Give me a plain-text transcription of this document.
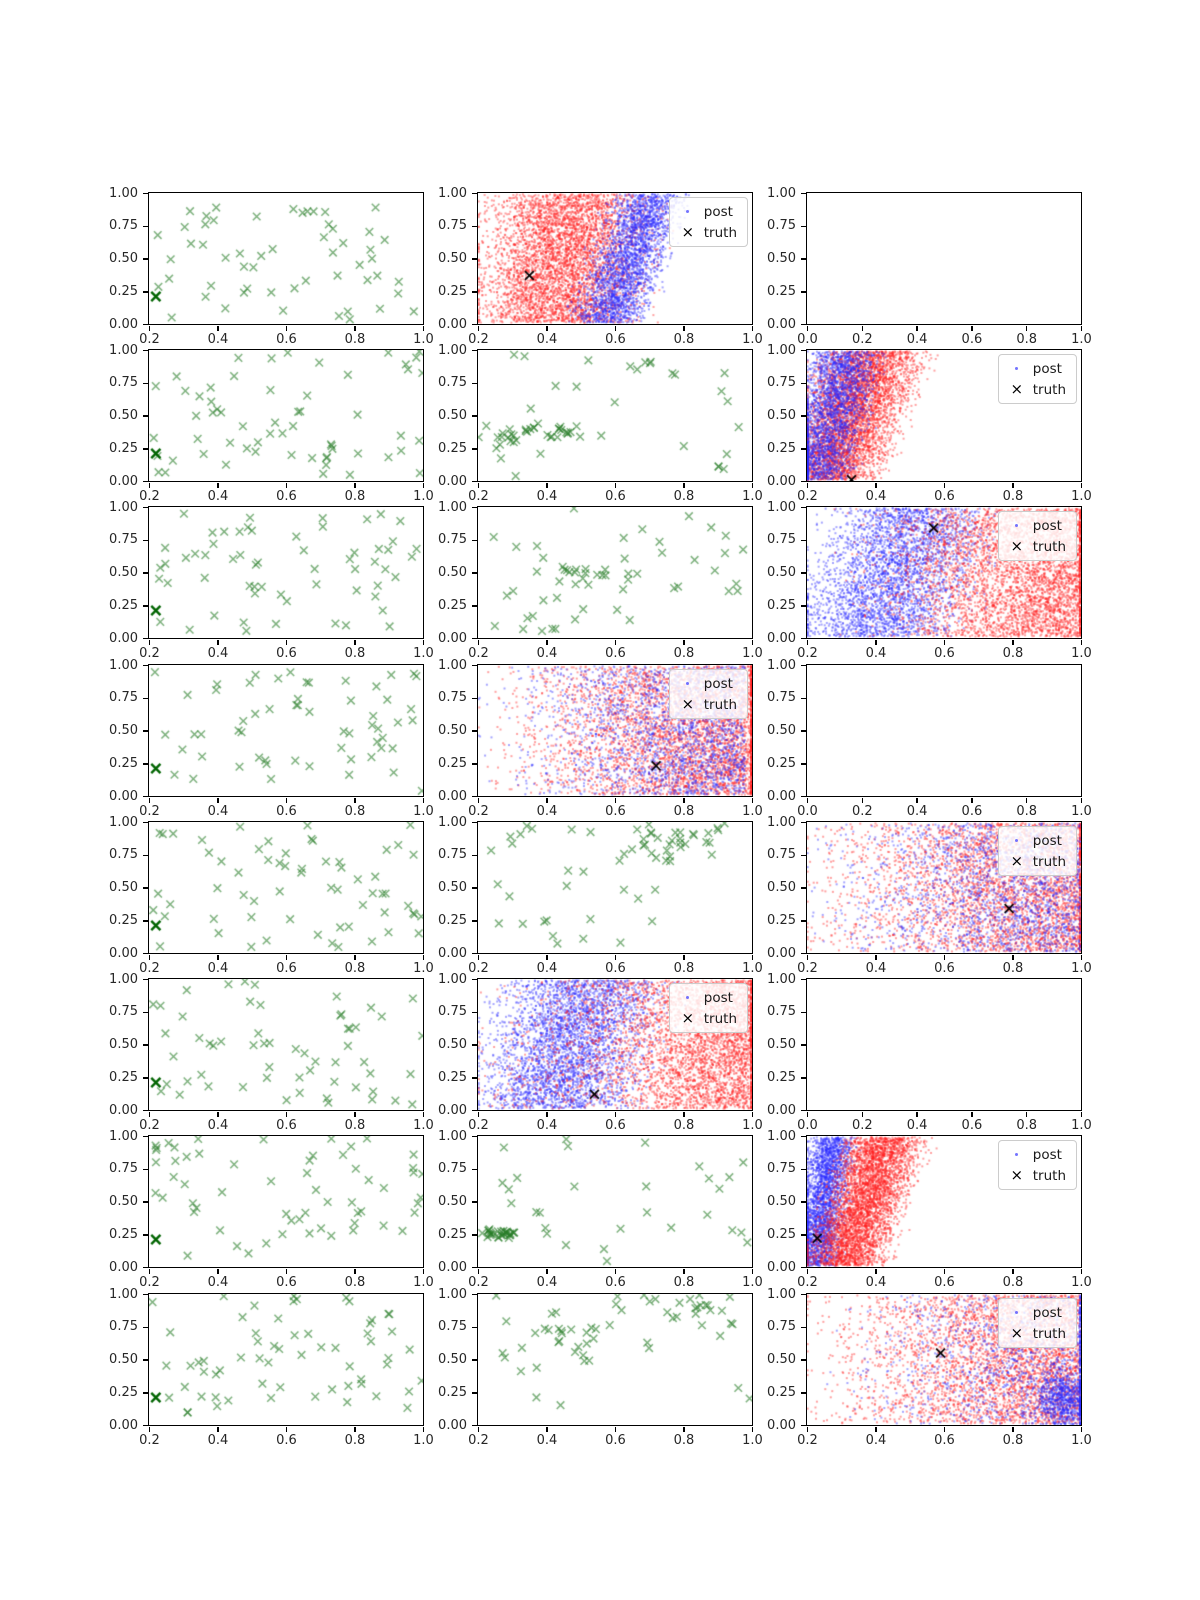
0.00
0.25
0.50
0.75
1.00
0.2	0.4	0.6	0.8	1.0
post
× truth
0.00
0.25
0.50
0.75
1.00
0.2	0.4	0.6	0.8	1.0
0.00
0.25
0.50
0.75
1.00
0.0	0.2	0.4	0.6	0.8	1.0
0.00
0.25
0.50
0.75
1.00
0.2	0.4	0.6	0.8	1.0
0.00
0.25
0.50
0.75
1.00
0.2	0.4	0.6	0.8	1.0
post
× truth
0.00
0.25
0.50
0.75
1.00
0.2	0.4	0.6	0.8	1.0
0.00
0.25
0.50
0.75
1.00
0.2	0.4	0.6	0.8	1.0
0.00
0.25
0.50
0.75
1.00
0.2	0.4	0.6	0.8	1.0
post
× truth
0.00
0.25
0.50
0.75
1.00
0.2	0.4	0.6	0.8	1.0
0.00
0.25
0.50
0.75
1.00
0.2	0.4	0.6	0.8	1.0
post
× truth
0.00
0.25
0.50
0.75
1.00
0.2	0.4	0.6	0.8	1.0
0.00
0.25
0.50
0.75
1.00
0.0	0.2	0.4	0.6	0.8	1.0
0.00
0.25
0.50
0.75
1.00
0.2	0.4	0.6	0.8	1.0
0.00
0.25
0.50
0.75
1.00
0.2	0.4	0.6	0.8	1.0
post
× truth
0.00
0.25
0.50
0.75
1.00
0.2	0.4	0.6	0.8	1.0
0.00
0.25
0.50
0.75
1.00
0.2	0.4	0.6	0.8	1.0
post
× truth
0.00
0.25
0.50
0.75
1.00
0.2	0.4	0.6	0.8	1.0
0.00
0.25
0.50
0.75
1.00
0.0	0.2	0.4	0.6	0.8	1.0
0.00
0.25
0.50
0.75
1.00
0.2	0.4	0.6	0.8	1.0
0.00
0.25
0.50
0.75
1.00
0.2	0.4	0.6	0.8	1.0
post
× truth
0.00
0.25
0.50
0.75
1.00
0.2	0.4	0.6	0.8	1.0
0.00
0.25
0.50
0.75
1.00
0.2	0.4	0.6	0.8	1.0
0.00
0.25
0.50
0.75
1.00
0.2	0.4	0.6	0.8	1.0
post
× truth
0.00
0.25
0.50
0.75
1.00
0.2	0.4	0.6	0.8	1.0
